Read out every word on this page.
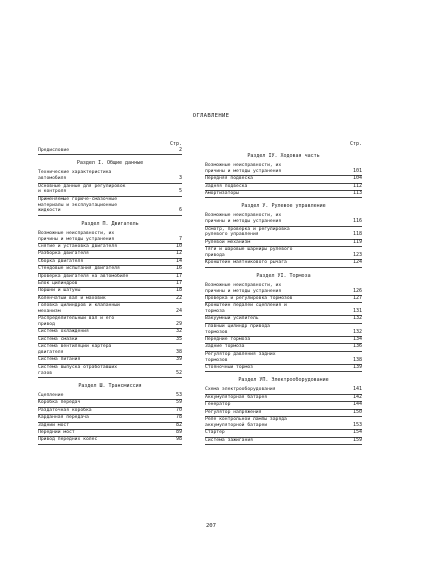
ОГЛАВЛЕНИЕ
Стр.
Предисловие	2
Раздел I. Общие данные
Технические характеристика
автомобиля	3
Основные данные для регулировок
и контроля	5
Применяемые горюче-смазочные
материалы и эксплуатационные
жидкости	6
Раздел П. Двигатель
Возможные неисправности, их
причины и методы устранения	7
Снятие и установка двигателя	10
Разборка двигателя	12
Сборка двигателя	14
Стендовые испытания двигателя	16
Проверка двигателя на автомобиле	17
Блок цилиндров	17
Поршни и шатуны	18
Коленчатый вал и маховик	22
Головка цилиндров и клапанный
механизм	24
Распределительный вал и его
привод	29
Система охлаждения	32
Система смазки	35
Система вентиляции картера
двигателя	38
Система питания	39
Система выпуска отработавших
газов	52
Раздел Ш. Трансмиссия
Сцепление	53
Коробка передач	59
Раздаточная коробка	70
Карданная передача	78
Задний мост	82
Передний мост	89
Привод передних колес	98
Стр.
Раздел IУ. Ходовая часть
Возможные неисправности, их
причины и методы устранения	101
Передняя подвеска	104
Задняя подвеска	112
Амортизаторы	113
Раздел У. Рулевое управление
Возможные неисправности, их
причины и методы устранения	116
Осмотр, проверка и регулировка
рулевого управления	118
Рулевой механизм	119
Тяги и шаровые шарниры рулевого
привода	123
Кронштейн маятникового рычага	124
Раздел УI. Тормоза
Возможные неисправности, их
причины и методы устранения	126
Проверка и регулировка тормозов	127
Кронштейн педалей сцепления и
тормоза	131
Вакуумный усилитель	132
Главный цилиндр привода
тормозов	132
Передние тормоза	134
Задние тормоза	136
Регулятор давления задних
тормозов	138
Стояночный тормоз	139
Раздел УП. Электрооборудование
Схема электрооборудования	141
Аккумуляторная батарея	142
Генератор	144
Регулятор напряжения	150
Реле контрольной лампы заряда
аккумуляторной батареи	153
Стартер	154
Система зажигания	159
207
